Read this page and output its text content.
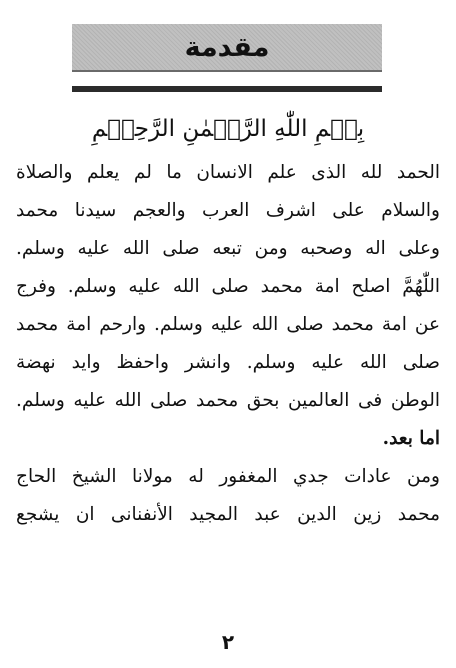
مقدمة
بِسۡمِ اللّٰهِ الرَّحۡمٰنِ الرَّحِيۡمِ
الحمد لله الذى علم الانسان ما لم يعلم والصلاة
والسلام على اشرف العرب والعجم سيدنا محمد
وعلى اله وصحبه ومن تبعه صلى الله عليه وسلم.
اللّٰهُمَّ اصلح امة محمد صلى الله عليه وسلم. وفرج
عن امة محمد صلى الله عليه وسلم. وارحم امة محمد
صلى الله عليه وسلم. وانشر واحفظ وايد نهضة
الوطن فى العالمين بحق محمد صلى الله عليه وسلم.
اما بعد.
ومن عادات جدي المغفور له مولانا الشيخ الحاج
محمد زين الدين عبد المجيد الأنفنانى ان يشجع
٢
